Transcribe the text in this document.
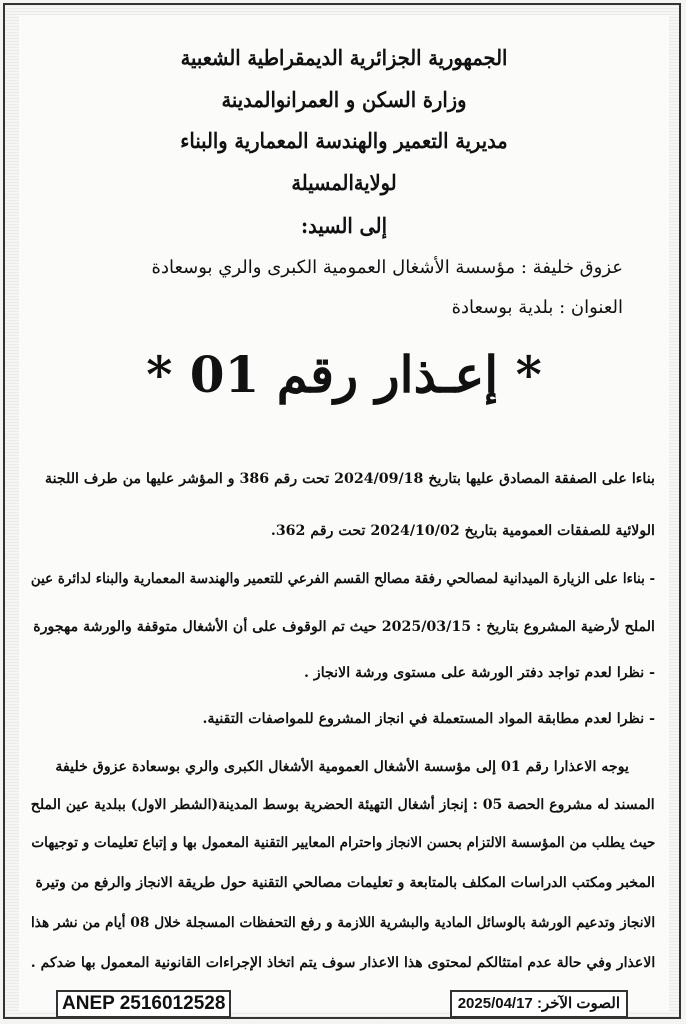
الجمهورية الجزائرية الديمقراطية الشعبية
وزارة السكن و العمرانوالمدينة
مديرية التعمير والهندسة المعمارية والبناء
لولايةالمسيلة
إلى السيد:
عزوق خليفة : مؤسسة الأشغال العمومية الكبرى والري بوسعادة
العنوان : بلدية بوسعادة
* إعـذار رقم 01 *
بناءا على الصفقة المصادق عليها بتاريخ 2024/09/18 تحت رقم 386 و المؤشر عليها من طرف اللجنة
الولائية للصفقات العمومية بتاريخ 2024/10/02 تحت رقم 362.
- بناءا على الزيارة الميدانية لمصالحي رفقة مصالح القسم الفرعي للتعمير والهندسة المعمارية والبناء لدائرة عين
الملح لأرضية المشروع بتاريخ : 2025/03/15 حيث تم الوقوف على أن الأشغال متوقفة والورشة مهجورة
- نظرا لعدم تواجد دفتر الورشة على مستوى ورشة الانجاز .
- نظرا لعدم مطابقة المواد المستعملة في انجاز المشروع للمواصفات التقنية.
يوجه الاعذارا رقم 01 إلى مؤسسة الأشغال العمومية الأشغال الكبرى والري بوسعادة عزوق خليفة
المسند له مشروع الحصة 05 : إنجاز أشغال التهيئة الحضرية بوسط المدينة(الشطر الاول) ببلدية عين الملح
حيث يطلب من المؤسسة الالتزام بحسن الانجاز واحترام المعايير التقنية المعمول بها و إتباع تعليمات و توجيهات
المخبر ومكتب الدراسات المكلف بالمتابعة و تعليمات مصالحي التقنية حول طريقة الانجاز والرفع من وتيرة
الانجاز وتدعيم الورشة بالوسائل المادية والبشرية اللازمة و رفع التحفظات المسجلة خلال 08 أيام من نشر هذا
الاعذار وفي حالة عدم امتثالكم لمحتوى هذا الاعذار سوف يتم اتخاذ الإجراءات القانونية المعمول بها ضدكم .
ANEP 2516012528	الصوت الآخر: 2025/04/17
